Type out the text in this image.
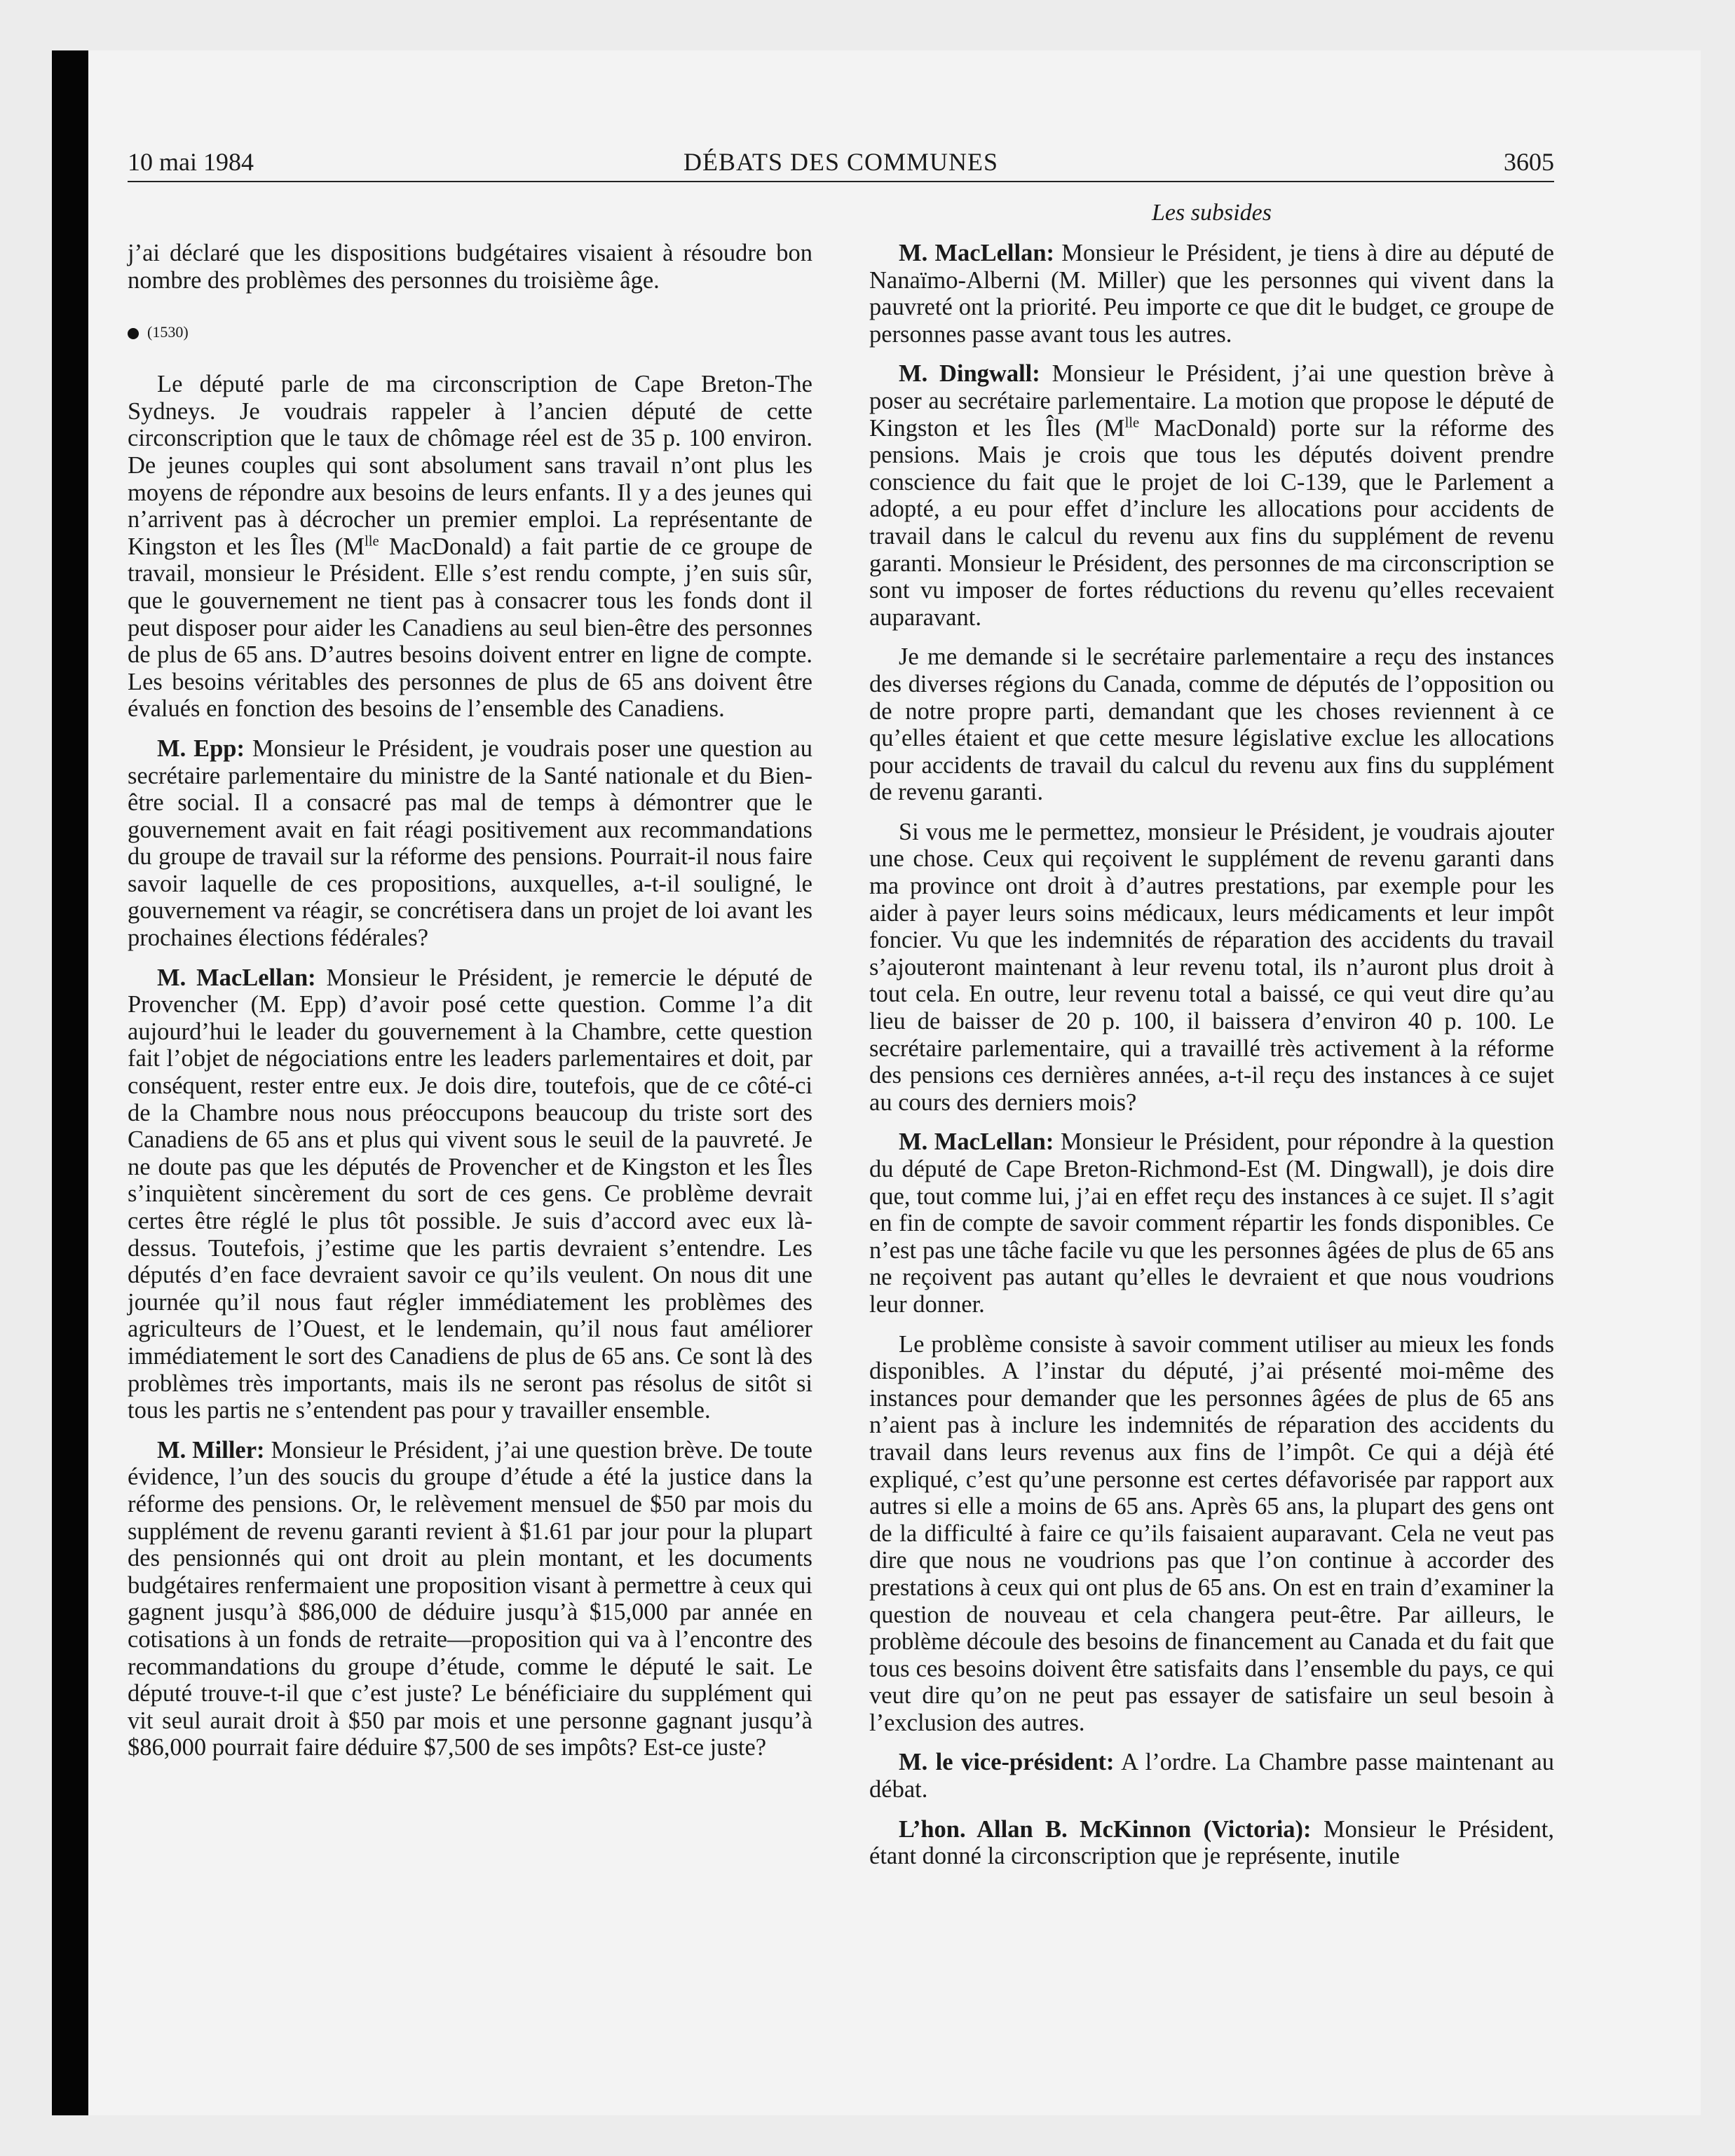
DÉBATS DES COMMUNES
10 mai 1984	3605
Les subsides

j’ai déclaré que les dispositions budgétaires visaient à résoudre bon nombre des problèmes des personnes du troisième âge.

(1530)

Le député parle de ma circonscription de Cape Breton-The Sydneys. Je voudrais rappeler à l’ancien député de cette circonscription que le taux de chômage réel est de 35 p. 100 environ. De jeunes couples qui sont absolument sans travail n’ont plus les moyens de répondre aux besoins de leurs enfants. Il y a des jeunes qui n’arrivent pas à décrocher un premier emploi. La représentante de Kingston et les Îles ($M^{lle}$ MacDonald) a fait partie de ce groupe de travail, monsieur le Président. Elle s’est rendu compte, j’en suis sûr, que le gouvernement ne tient pas à consacrer tous les fonds dont il peut disposer pour aider les Canadiens au seul bien-être des personnes de plus de 65 ans. D’autres besoins doivent entrer en ligne de compte. Les besoins véritables des personnes de plus de 65 ans doivent être évalués en fonction des besoins de l’ensemble des Canadiens.

M. Epp: Monsieur le Président, je voudrais poser une question au secrétaire parlementaire du ministre de la Santé nationale et du Bien-être social. Il a consacré pas mal de temps à démontrer que le gouvernement avait en fait réagi positivement aux recommandations du groupe de travail sur la réforme des pensions. Pourrait-il nous faire savoir laquelle de ces propositions, auxquelles, a-t-il souligné, le gouvernement va réagir, se concrétisera dans un projet de loi avant les prochaines élections fédérales?

M. MacLellan: Monsieur le Président, je remercie le député de Provencher (M. Epp) d’avoir posé cette question. Comme l’a dit aujourd’hui le leader du gouvernement à la Chambre, cette question fait l’objet de négociations entre les leaders parlementaires et doit, par conséquent, rester entre eux. Je dois dire, toutefois, que de ce côté-ci de la Chambre nous nous préoccupons beaucoup du triste sort des Canadiens de 65 ans et plus qui vivent sous le seuil de la pauvreté. Je ne doute pas que les députés de Provencher et de Kingston et les Îles s’inquiètent sincèrement du sort de ces gens. Ce problème devrait certes être réglé le plus tôt possible. Je suis d’accord avec eux là-dessus. Toutefois, j’estime que les partis devraient s’entendre. Les députés d’en face devraient savoir ce qu’ils veulent. On nous dit une journée qu’il nous faut régler immédiatement les problèmes des agriculteurs de l’Ouest, et le lendemain, qu’il nous faut améliorer immédiatement le sort des Canadiens de plus de 65 ans. Ce sont là des problèmes très importants, mais ils ne seront pas résolus de sitôt si tous les partis ne s’entendent pas pour y travailler ensemble.

M. Miller: Monsieur le Président, j’ai une question brève. De toute évidence, l’un des soucis du groupe d’étude a été la justice dans la réforme des pensions. Or, le relèvement mensuel de $50 par mois du supplément de revenu garanti revient à $1.61 par jour pour la plupart des pensionnés qui ont droit au plein montant, et les documents budgétaires renfermaient une proposition visant à permettre à ceux qui gagnent jusqu’à $86,000 de déduire jusqu’à $15,000 par année en cotisations à un fonds de retraite—proposition qui va à l’encontre des recommandations du groupe d’étude, comme le député le sait. Le député trouve-t-il que c’est juste? Le bénéficiaire du supplément qui vit seul aurait droit à $50 par mois et une personne gagnant jusqu’à $86,000 pourrait faire déduire $7,500 de ses impôts? Est-ce juste?

M. MacLellan: Monsieur le Président, je tiens à dire au député de Nanaïmo-Alberni (M. Miller) que les personnes qui vivent dans la pauvreté ont la priorité. Peu importe ce que dit le budget, ce groupe de personnes passe avant tous les autres.

M. Dingwall: Monsieur le Président, j’ai une question brève à poser au secrétaire parlementaire. La motion que propose le député de Kingston et les Îles ($M^{lle}$ MacDonald) porte sur la réforme des pensions. Mais je crois que tous les députés doivent prendre conscience du fait que le projet de loi C-139, que le Parlement a adopté, a eu pour effet d’inclure les allocations pour accidents de travail dans le calcul du revenu aux fins du supplément de revenu garanti. Monsieur le Président, des personnes de ma circonscription se sont vu imposer de fortes réductions du revenu qu’elles recevaient auparavant.

Je me demande si le secrétaire parlementaire a reçu des instances des diverses régions du Canada, comme de députés de l’opposition ou de notre propre parti, demandant que les choses reviennent à ce qu’elles étaient et que cette mesure législative exclue les allocations pour accidents de travail du calcul du revenu aux fins du supplément de revenu garanti.

Si vous me le permettez, monsieur le Président, je voudrais ajouter une chose. Ceux qui reçoivent le supplément de revenu garanti dans ma province ont droit à d’autres prestations, par exemple pour les aider à payer leurs soins médicaux, leurs médicaments et leur impôt foncier. Vu que les indemnités de réparation des accidents du travail s’ajouteront maintenant à leur revenu total, ils n’auront plus droit à tout cela. En outre, leur revenu total a baissé, ce qui veut dire qu’au lieu de baisser de 20 p. 100, il baissera d’environ 40 p. 100. Le secrétaire parlementaire, qui a travaillé très activement à la réforme des pensions ces dernières années, a-t-il reçu des instances à ce sujet au cours des derniers mois?

M. MacLellan: Monsieur le Président, pour répondre à la question du député de Cape Breton-Richmond-Est (M. Dingwall), je dois dire que, tout comme lui, j’ai en effet reçu des instances à ce sujet. Il s’agit en fin de compte de savoir comment répartir les fonds disponibles. Ce n’est pas une tâche facile vu que les personnes âgées de plus de 65 ans ne reçoivent pas autant qu’elles le devraient et que nous voudrions leur donner.

Le problème consiste à savoir comment utiliser au mieux les fonds disponibles. A l’instar du député, j’ai présenté moi-même des instances pour demander que les personnes âgées de plus de 65 ans n’aient pas à inclure les indemnités de réparation des accidents du travail dans leurs revenus aux fins de l’impôt. Ce qui a déjà été expliqué, c’est qu’une personne est certes défavorisée par rapport aux autres si elle a moins de 65 ans. Après 65 ans, la plupart des gens ont de la difficulté à faire ce qu’ils faisaient auparavant. Cela ne veut pas dire que nous ne voudrions pas que l’on continue à accorder des prestations à ceux qui ont plus de 65 ans. On est en train d’examiner la question de nouveau et cela changera peut-être. Par ailleurs, le problème découle des besoins de financement au Canada et du fait que tous ces besoins doivent être satisfaits dans l’ensemble du pays, ce qui veut dire qu’on ne peut pas essayer de satisfaire un seul besoin à l’exclusion des autres.

M. le vice-président: A l’ordre. La Chambre passe maintenant au débat.

L’hon. Allan B. McKinnon (Victoria): Monsieur le Président, étant donné la circonscription que je représente, inutile
